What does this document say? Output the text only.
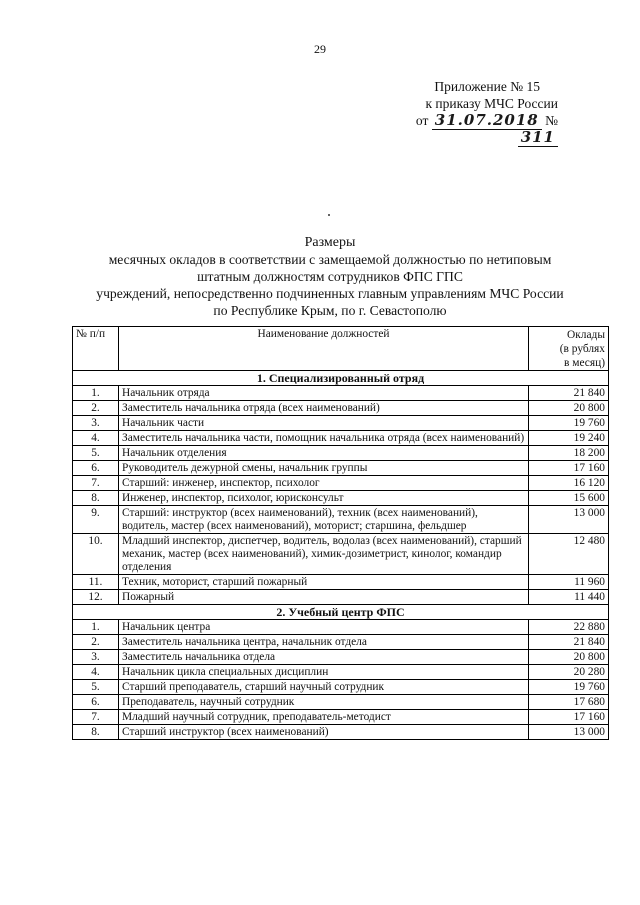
29
Приложение № 15
к приказу МЧС России
от 31.07.2018 № 311
Размеры
месячных окладов в соответствии с замещаемой должностью по нетиповым
штатным должностям сотрудников ФПС ГПС
учреждений, непосредственно подчиненных главным управлениям МЧС России
по Республике Крым, по г. Севастополю
№ п/п	Наименование должностей	Оклады
(в рублях
в месяц)

1. Специализированный отряд		
1.	Начальник отряда	21 840
2.	Заместитель начальника отряда (всех наименований)	20 800
3.	Начальник части	19 760
4.	Заместитель начальника части, помощник начальника отряда (всех наименований)	19 240
5.	Начальник отделения	18 200
6.	Руководитель дежурной смены, начальник группы	17 160
7.	Старший: инженер, инспектор, психолог	16 120
8.	Инженер, инспектор, психолог, юрисконсульт	15 600
9.	Старший: инструктор (всех наименований), техник (всех наименований), водитель, мастер (всех наименований), моторист; старшина, фельдшер	13 000
10.	Младший инспектор, диспетчер, водитель, водолаз (всех наименований), старший механик, мастер (всех наименований), химик-дозиметрист, кинолог, командир отделения	12 480
11.	Техник, моторист, старший пожарный	11 960
12.	Пожарный	11 440
2. Учебный центр ФПС		
1.	Начальник центра	22 880
2.	Заместитель начальника центра, начальник отдела	21 840
3.	Заместитель начальника отдела	20 800
4.	Начальник цикла специальных дисциплин	20 280
5.	Старший преподаватель, старший научный сотрудник	19 760
6.	Преподаватель, научный сотрудник	17 680
7.	Младший научный сотрудник, преподаватель-методист	17 160
8.	Старший инструктор (всех наименований)	13 000
